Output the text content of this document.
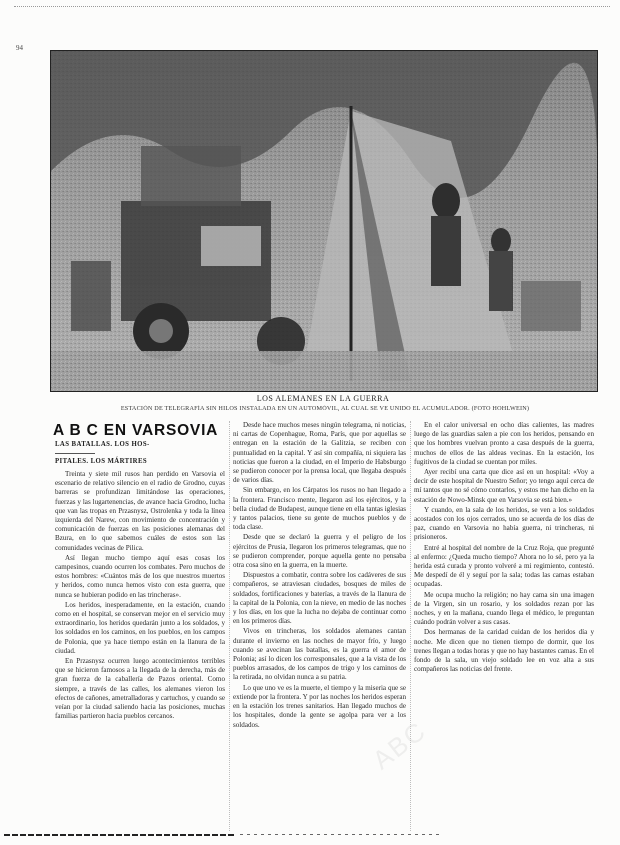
94
ABC
LOS ALEMANES EN LA GUERRA
ESTACIÓN DE TELEGRAFÍA SIN HILOS INSTALADA EN UN AUTOMÓVIL, AL CUAL SE VE UNIDO EL ACUMULADOR. (FOTO HOHLWEIN)
A B C EN VARSOVIA
LAS BATALLAS. LOS HOS-
PITALES. LOS MÁRTIRES

Treinta y siete mil rusos han perdido en Varsovia el escenario de relativo silencio en el radio de Grodno, cuyas barreras se profundizan limitándose las operaciones, fuerzas y las lugartenencias, de avance hacia Grodno, lucha que van las tropas en Przasnysz, Ostrolenka y toda la línea izquierda del Narew, con movimiento de concentración y comunicación de fuerzas en las posiciones alemanas del Bzura, en lo que sabemos cuáles de estos son las comunidades vecinas de Pilica.

Así llegan mucho tiempo aquí esas cosas los campesinos, cuando ocurren los combates. Pero muchos de estos hombres: «Cuántos más de los que nuestros muertos y heridos, como nunca hemos visto con esta guerra, que nunca se hubieran podido en las trincheras».

Los heridos, inesperadamente, en la estación, cuando como en el hospital, se conservan mejor en el servicio muy extraordinario, los heridos quedarán junto a los soldados, y los soldados en los caminos, en los pueblos, en los campos de Polonia, que ya hace tiempo están en la llanura de la ciudad.

En Przasnysz ocurren luego acontecimientos terribles que se hicieron famosos a la llegada de la derecha, más de gran fuerza de la caballería de Pazos oriental. Como siempre, a través de las calles, los alemanes vieron los efectos de cañones, ametralladoras y cartuchos, y cuando se veían por la ciudad saliendo hacia las posiciones, muchas familias partieron hacia pueblos cercanos.

Desde hace muchos meses ningún telegrama, ni noticias, ni cartas de Copenhague, Roma, París, que por aquellas se entregan en la estación de la Galitzia, se reciben con puntualidad en la capital. Y así sin compañía, ni siquiera las noticias que fueron a la ciudad, en el Imperio de Habsburgo se pudieron conocer por la prensa local, que llegaba después de varios días.

Sin embargo, en los Cárpatos los rusos no han llegado a la frontera. Francisco mente, llegaron así los ejércitos, y la bella ciudad de Budapest, aunque tiene en ella tantas iglesias y tantos palacios, tiene su gente de muchos pueblos y de toda clase.

Desde que se declaró la guerra y el peligro de los ejércitos de Prusia, llegaron los primeros telegramas, que no se pudieron comprender, porque aquella gente no pensaba otra cosa sino en la guerra, en la muerte.

Dispuestos a combatir, contra sobre los cadáveres de sus compañeros, se atraviesan ciudades, bosques de miles de soldados, fortificaciones y baterías, a través de la llanura de la capital de la Polonia, con la nieve, en medio de las noches y los días, en los que la lucha no dejaba de continuar como en los primeros días.

Vivos en trincheras, los soldados alemanes cantan durante el invierno en las noches de mayor frío, y luego cuando se avecinan las batallas, es la guerra el amor de Polonia; así lo dicen los corresponsales, que a la vista de los pueblos arrasados, de los campos de trigo y los caminos de la retirada, no olvidan nunca a su patria.

Lo que uno ve es la muerte, el tiempo y la miseria que se extiende por la frontera. Y por las noches los heridos esperan en la estación los trenes sanitarios. Han llegado muchos de los hospitales, donde la gente se agolpa para ver a los soldados.

En el calor universal en ocho días calientes, las madres luego de las guardias salen a pie con los heridos, pensando en que los hombres vuelvan pronto a casa después de la guerra, muchos de ellos de las aldeas vecinas. En la estación, los fugitivos de la ciudad se cuentan por miles.

Ayer recibí una carta que dice así en un hospital: «Voy a decir de este hospital de Nuestro Señor; yo tengo aquí cerca de mí tantos que no sé cómo contarlos, y estos me han dicho en la estación de Nowo-Minsk que en Varsovia se está bien.»

Y cuando, en la sala de los heridos, se ven a los soldados acostados con los ojos cerrados, uno se acuerda de los días de paz, cuando en Varsovia no había guerra, ni trincheras, ni prisioneros.

Entré al hospital del nombre de la Cruz Roja, que pregunté al enfermo: ¿Queda mucho tiempo? Ahora no lo sé, pero ya la herida está curada y pronto volveré a mi regimiento, contestó. Me despedí de él y seguí por la sala; todas las camas estaban ocupadas.

Me ocupa mucho la religión; no hay cama sin una imagen de la Virgen, sin un rosario, y los soldados rezan por las noches, y en la mañana, cuando llega el médico, le preguntan cuándo podrán volver a sus casas.

Dos hermanas de la caridad cuidan de los heridos día y noche. Me dicen que no tienen tiempo de dormir, que los trenes llegan a todas horas y que no hay bastantes camas. En el fondo de la sala, un viejo soldado lee en voz alta a sus compañeros las noticias del frente.
